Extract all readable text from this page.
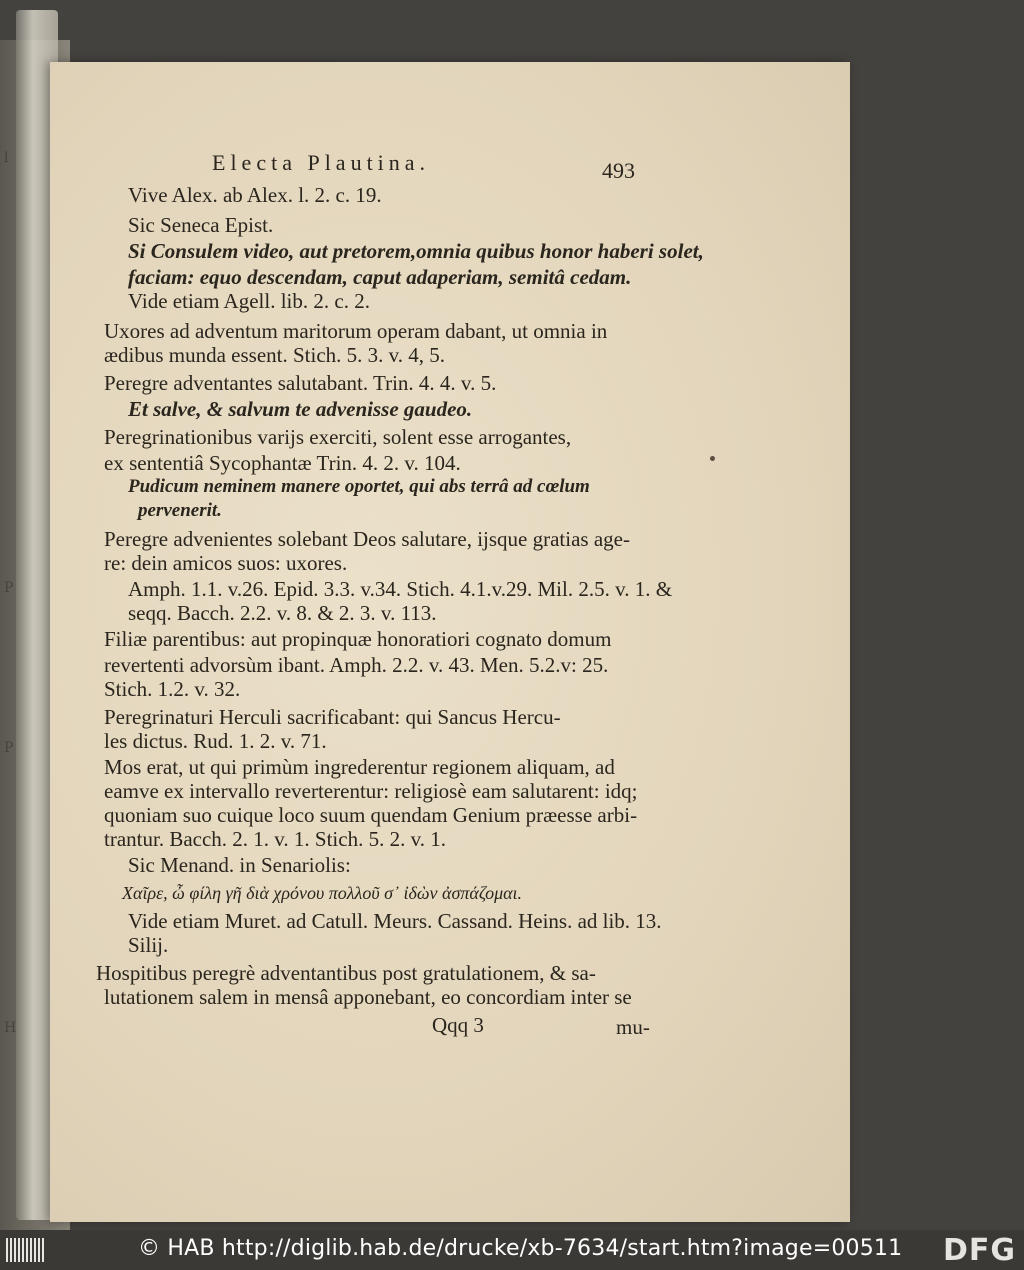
l
P
P
H
Electa Plautina.	493
Vive Alex. ab Alex. l. 2. c. 19.
Sic Seneca Epist.
Si Consulem video, aut pretorem,omnia quibus honor haberi solet,
faciam: equo descendam, caput adaperiam, semitâ cedam.
Vide etiam Agell. lib. 2. c. 2.
Uxores ad adventum maritorum operam dabant, ut omnia in
ædibus munda essent. Stich. 5. 3. v. 4, 5.
Peregre adventantes salutabant. Trin. 4. 4. v. 5.
Et salve, & salvum te advenisse gaudeo.
Peregrinationibus varijs exerciti, solent esse arrogantes,
ex sententiâ Sycophantæ Trin. 4. 2. v. 104.
Pudicum neminem manere oportet, qui abs terrâ ad cœlum
pervenerit.
Peregre advenientes solebant Deos salutare, ijsque gratias age-
re: dein amicos suos: uxores.
Amph. 1.1. v.26. Epid. 3.3. v.34. Stich. 4.1.v.29. Mil. 2.5. v. 1. &
seqq. Bacch. 2.2. v. 8. & 2. 3. v. 113.
Filiæ parentibus: aut propinquæ honoratiori cognato domum
revertenti advorsùm ibant. Amph. 2.2. v. 43. Men. 5.2.v: 25.
Stich. 1.2. v. 32.
Peregrinaturi Herculi sacrificabant: qui Sancus Hercu-
les dictus. Rud. 1. 2. v. 71.
Mos erat, ut qui primùm ingrederentur regionem aliquam, ad
eamve ex intervallo reverterentur: religiosè eam salutarent: idq;
quoniam suo cuique loco suum quendam Genium præesse arbi-
trantur. Bacch. 2. 1. v. 1. Stich. 5. 2. v. 1.
Sic Menand. in Senariolis:
Χαῖρε, ὦ φίλη γῆ διὰ χρόνου πολλοῦ σ᾽ ἰδὼν ἀσπάζομαι.
Vide etiam Muret. ad Catull. Meurs. Cassand. Heins. ad lib. 13.
Silij.
Hospitibus peregrè adventantibus post gratulationem, & sa-
lutationem salem in mensâ apponebant, eo concordiam inter se
Qqq 3	mu-
© HAB http://diglib.hab.de/drucke/xb-7634/start.htm?image=00511 DFG
